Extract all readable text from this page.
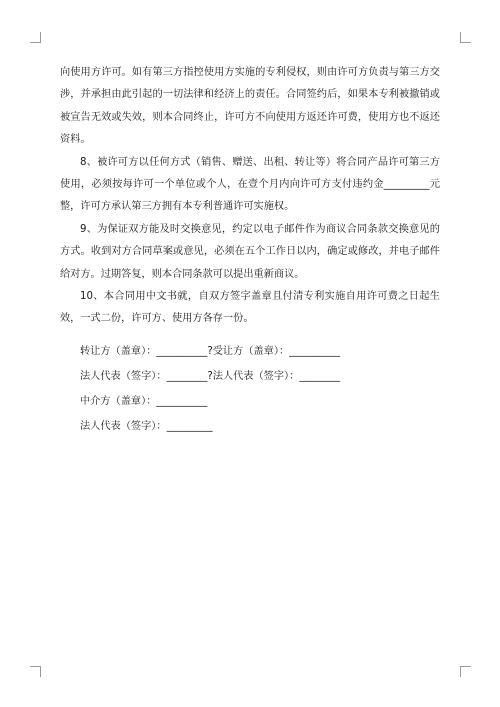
向使用方许可。如有第三方指控使用方实施的专利侵权，则由许可方负责与第三方交涉，并承担由此引起的一切法律和经济上的责任。合同签约后，如果本专利被撤销或被宣告无效或失效，则本合同终止，许可方不向使用方返还许可费，使用方也不返还资料。

8、被许可方以任何方式（销售、赠送、出租、转让等）将合同产品许可第三方使用，必须按每许可一个单位或个人，在壹个月内向许可方支付违约金_________元整，许可方承认第三方拥有本专利普通许可实施权。

9、为保证双方能及时交换意见，约定以电子邮件作为商议合同条款交换意见的方式。收到对方合同草案或意见，必须在五个工作日以内，确定或修改，并电子邮件给对方。过期答复，则本合同条款可以提出重新商议。

10、本合同用中文书就，自双方签字盖章且付清专利实施自用许可费之日起生效，一式二份，许可方、使用方各存一份。

转让方（盖章）：__________?受让方（盖章）：__________
法人代表（签字）：________?法人代表（签字）：________
中介方（盖章）：__________
法人代表（签字）：_________
